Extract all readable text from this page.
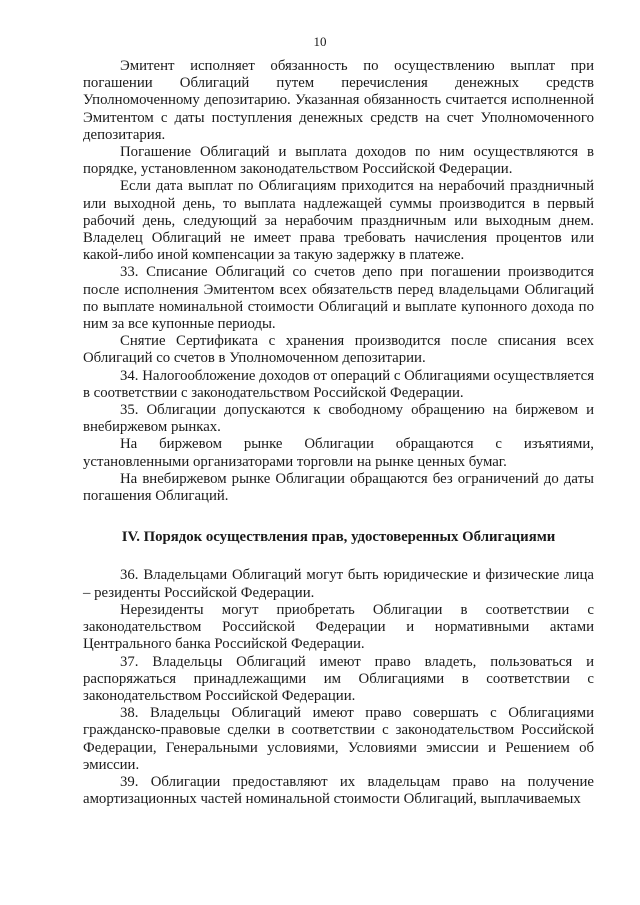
10

Эмитент исполняет обязанность по осуществлению выплат при погашении Облигаций путем перечисления денежных средств Уполномоченному депозитарию. Указанная обязанность считается исполненной Эмитентом с даты поступления денежных средств на счет Уполномоченного депозитария.

Погашение Облигаций и выплата доходов по ним осуществляются в порядке, установленном законодательством Российской Федерации.

Если дата выплат по Облигациям приходится на нерабочий праздничный или выходной день, то выплата надлежащей суммы производится в первый рабочий день, следующий за нерабочим праздничным или выходным днем. Владелец Облигаций не имеет права требовать начисления процентов или какой-либо иной компенсации за такую задержку в платеже.

33. Списание Облигаций со счетов депо при погашении производится после исполнения Эмитентом всех обязательств перед владельцами Облигаций по выплате номинальной стоимости Облигаций и выплате купонного дохода по ним за все купонные периоды.

Снятие Сертификата с хранения производится после списания всех Облигаций со счетов в Уполномоченном депозитарии.

34. Налогообложение доходов от операций с Облигациями осуществляется в соответствии с законодательством Российской Федерации.

35. Облигации допускаются к свободному обращению на биржевом и внебиржевом рынках.

На биржевом рынке Облигации обращаются с изъятиями, установленными организаторами торговли на рынке ценных бумаг.

На внебиржевом рынке Облигации обращаются без ограничений до даты погашения Облигаций.

IV. Порядок осуществления прав, удостоверенных Облигациями

36. Владельцами Облигаций могут быть юридические и физические лица – резиденты Российской Федерации.

Нерезиденты могут приобретать Облигации в соответствии с законодательством Российской Федерации и нормативными актами Центрального банка Российской Федерации.

37. Владельцы Облигаций имеют право владеть, пользоваться и распоряжаться принадлежащими им Облигациями в соответствии с законодательством Российской Федерации.

38. Владельцы Облигаций имеют право совершать с Облигациями гражданско-правовые сделки в соответствии с законодательством Российской Федерации, Генеральными условиями, Условиями эмиссии и Решением об эмиссии.

39. Облигации предоставляют их владельцам право на получение амортизационных частей номинальной стоимости Облигаций, выплачиваемых
